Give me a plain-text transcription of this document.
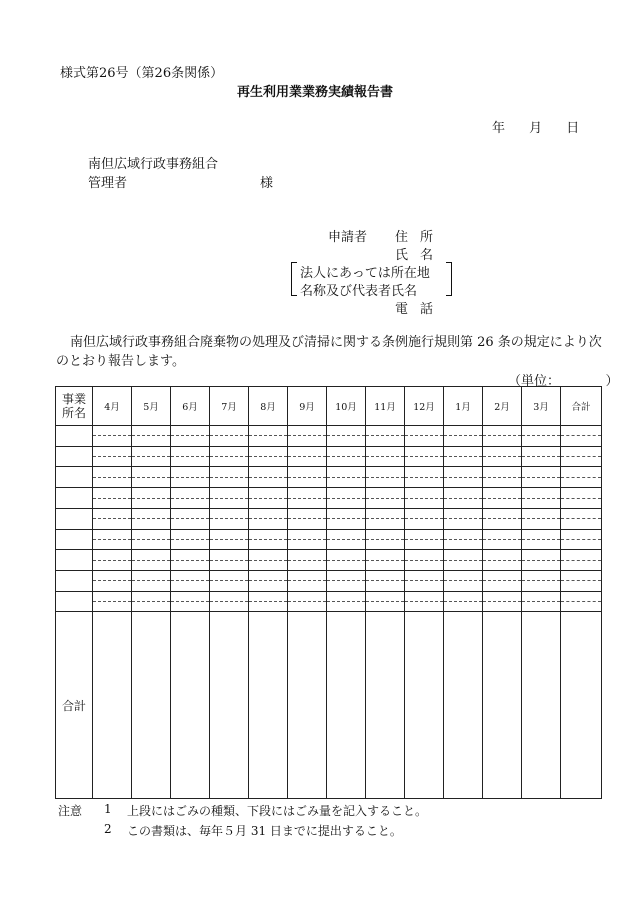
様式第26号（第26条関係）
再生利用業業務実績報告書
年 月 日
南但広域行政事務組合
管理者	様
申請者 住所
氏名
法人にあっては所在地
名称及び代表者氏名
電話
南但広域行政事務組合廃棄物の処理及び清掃に関する条例施行規則第 26 条の規定により次のとおり報告します。
（単位：　　　　）
事業
所名	4月	5月	6月	7月	8月	9月	10月	11月	12月	1月	2月	3月	合計

合計													
注意 1 上段にはごみの種類、下段にはごみ量を記入すること。
2 この書類は、毎年５月 31 日までに提出すること。
